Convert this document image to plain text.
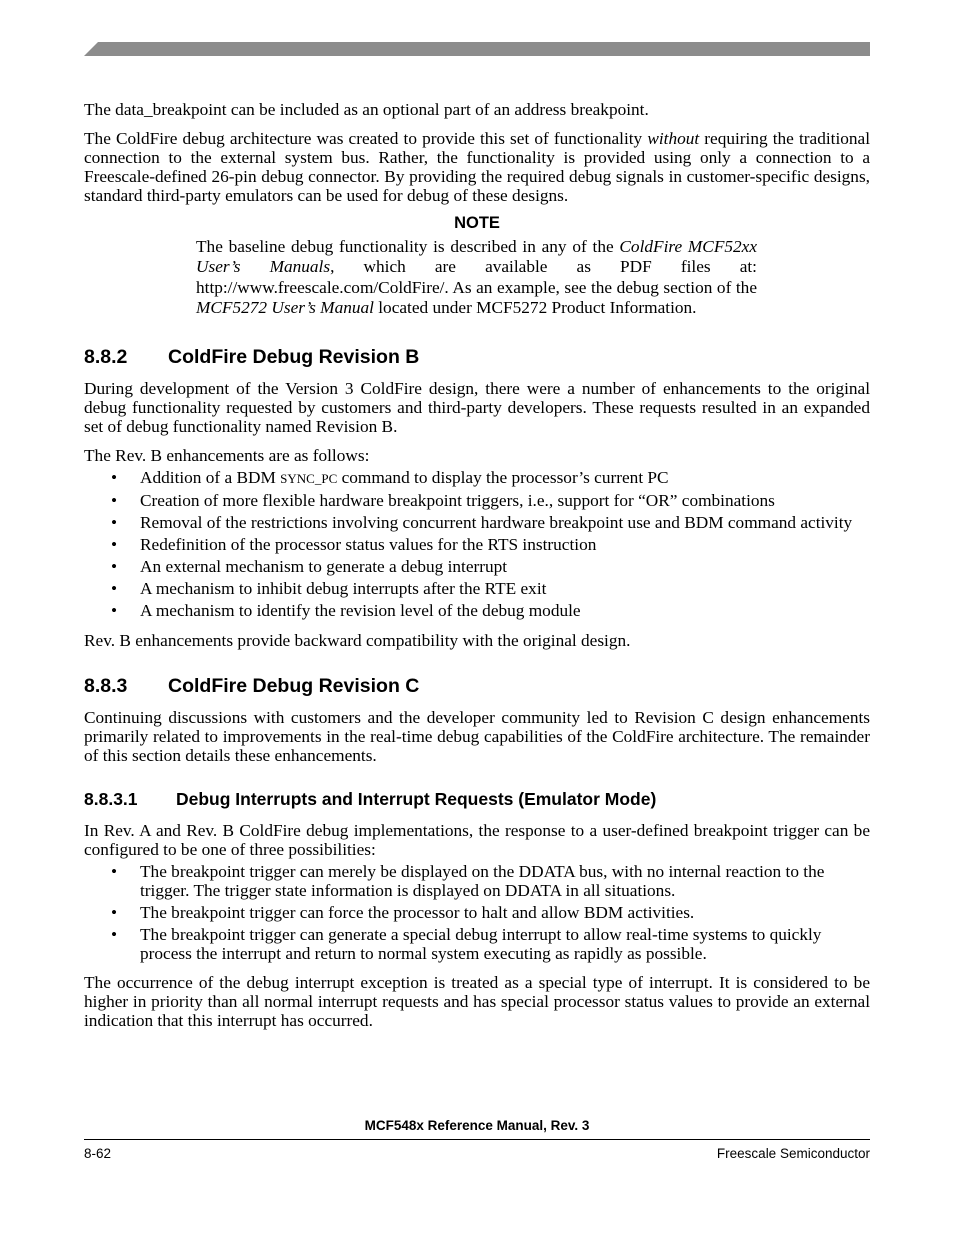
The data_breakpoint can be included as an optional part of an address breakpoint.

The ColdFire debug architecture was created to provide this set of functionality without requiring the traditional connection to the external system bus. Rather, the functionality is provided using only a connection to a Freescale-defined 26-pin debug connector. By providing the required debug signals in customer-specific designs, standard third-party emulators can be used for debug of these designs.

NOTE

The baseline debug functionality is described in any of the ColdFire MCF52xx User’s Manuals, which are available as PDF files at: http://www.freescale.com/ColdFire/. As an example, see the debug section of the MCF5272 User’s Manual located under MCF5272 Product Information.

8.8.2 ColdFire Debug Revision B

During development of the Version 3 ColdFire design, there were a number of enhancements to the original debug functionality requested by customers and third-party developers. These requests resulted in an expanded set of debug functionality named Revision B.

The Rev. B enhancements are as follows:

• Addition of a BDM SYNC_PC command to display the processor’s current PC
• Creation of more flexible hardware breakpoint triggers, i.e., support for “OR” combinations
• Removal of the restrictions involving concurrent hardware breakpoint use and BDM command activity
• Redefinition of the processor status values for the RTS instruction
• An external mechanism to generate a debug interrupt
• A mechanism to inhibit debug interrupts after the RTE exit
• A mechanism to identify the revision level of the debug module

Rev. B enhancements provide backward compatibility with the original design.

8.8.3 ColdFire Debug Revision C

Continuing discussions with customers and the developer community led to Revision C design enhancements primarily related to improvements in the real-time debug capabilities of the ColdFire architecture. The remainder of this section details these enhancements.

8.8.3.1 Debug Interrupts and Interrupt Requests (Emulator Mode)

In Rev. A and Rev. B ColdFire debug implementations, the response to a user-defined breakpoint trigger can be configured to be one of three possibilities:

• The breakpoint trigger can merely be displayed on the DDATA bus, with no internal reaction to the trigger. The trigger state information is displayed on DDATA in all situations.
• The breakpoint trigger can force the processor to halt and allow BDM activities.
• The breakpoint trigger can generate a special debug interrupt to allow real-time systems to quickly process the interrupt and return to normal system executing as rapidly as possible.

The occurrence of the debug interrupt exception is treated as a special type of interrupt. It is considered to be higher in priority than all normal interrupt requests and has special processor status values to provide an external indication that this interrupt has occurred.

MCF548x Reference Manual, Rev. 3
8-62	Freescale Semiconductor
